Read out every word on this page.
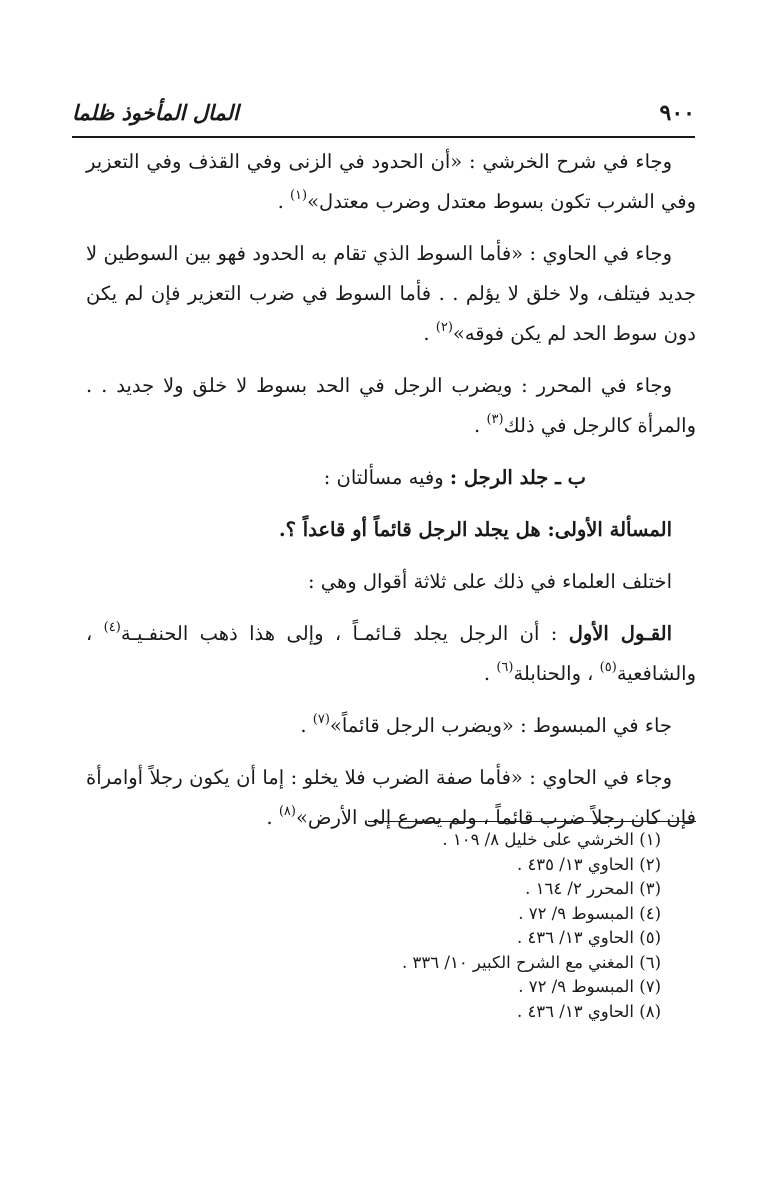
٩٠٠
المال المأخوذ ظلما

وجاء في شرح الخرشي : «أن الحدود في الزنى وفي القذف وفي التعزير وفي الشرب تكون بسوط معتدل وضرب معتدل»$^{(١)}$ .

وجاء في الحاوي : «فأما السوط الذي تقام به الحدود فهو بين السوطين لا جديد فيتلف، ولا خلق لا يؤلم . . فأما السوط في ضرب التعزير فإن لم يكن دون سوط الحد لم يكن فوقه»$^{(٢)}$ .

وجاء في المحرر : ويضرب الرجل في الحد بسوط لا خلق ولا جديد . . والمرأة كالرجل في ذلك$^{(٣)}$ .

ب ـ جلد الرجل : وفيه مسألتان :

المسألة الأولى: هل يجلد الرجل قائماً أو قاعداً ؟.

اختلف العلماء في ذلك على ثلاثة أقوال وهي :

القـول الأول : أن الرجل يجلد قـائمـاً ، وإلى هذا ذهب الحنفـيـة$^{(٤)}$ ، والشافعية$^{(٥)}$ ، والحنابلة$^{(٦)}$ .

جاء في المبسوط : «ويضرب الرجل قائماً»$^{(٧)}$ .

وجاء في الحاوي : «فأما صفة الضرب فلا يخلو : إما أن يكون رجلاً أوامرأة فإن كان رجلاً ضرب قائماً ، ولم يصرع إلى الأرض»$^{(٨)}$ .

(١) الخرشي على خليل ٨/ ١٠٩ .
(٢) الحاوي ١٣/ ٤٣٥ .
(٣) المحرر ٢/ ١٦٤ .
(٤) المبسوط ٩/ ٧٢ .
(٥) الحاوي ١٣/ ٤٣٦ .
(٦) المغني مع الشرح الكبير ١٠/ ٣٣٦ .
(٧) المبسوط ٩/ ٧٢ .
(٨) الحاوي ١٣/ ٤٣٦ .
